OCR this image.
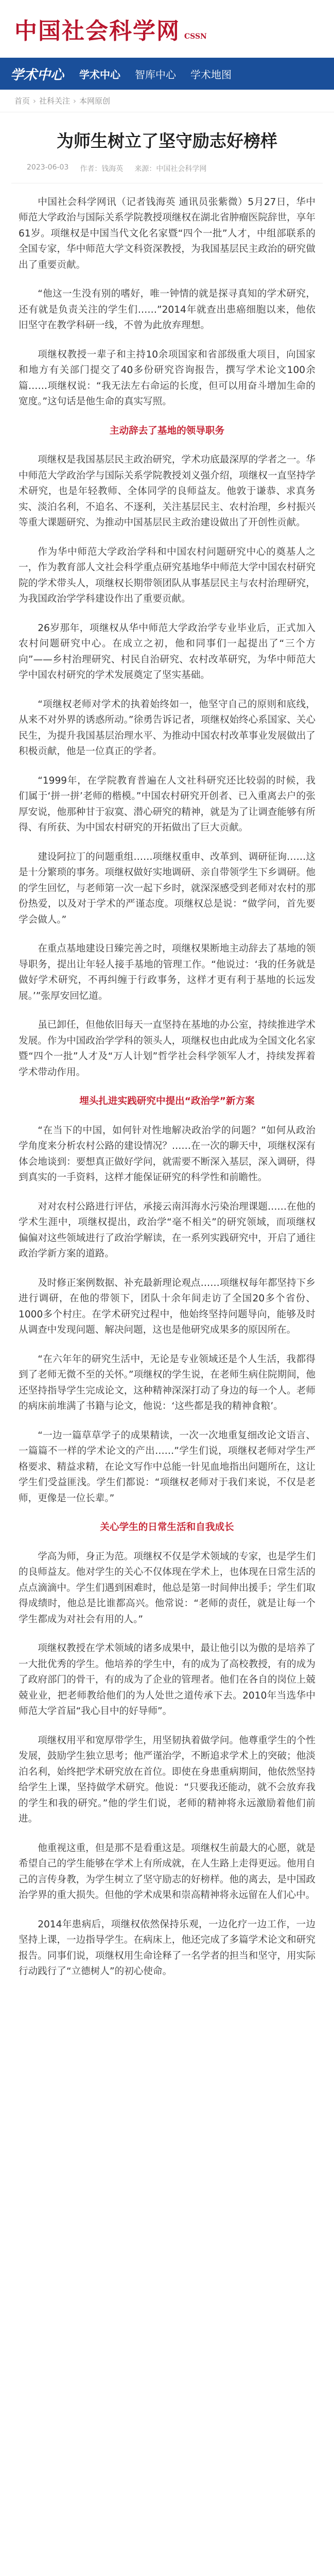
中国社会科学网 CSSN
学术中心 学术中心 智库中心 学术地图
首页 › 社科关注 › 本网原创
为师生树立了坚守励志好榜样
2023-06-03 作者：钱海英 来源：中国社会科学网

中国社会科学网讯（记者钱海英 通讯员张紫微）5月27日，华中师范大学政治与国际关系学院教授项继权在湖北省肿瘤医院辞世，享年61岁。项继权是中国当代文化名家暨“四个一批”人才，中组部联系的全国专家，华中师范大学文科资深教授，为我国基层民主政治的研究做出了重要贡献。

“他这一生没有别的嗜好，唯一钟情的就是探寻真知的学术研究，还有就是负责关注的学生们……”2014年就查出患癌细胞以来，他依旧坚守在教学科研一线，不曾为此放弃理想。

项继权教授一辈子和主持10余项国家和省部级重大项目，向国家和地方有关部门提交了40多份研究咨询报告，撰写学术论文100余篇……项继权说：“我无法左右命运的长度，但可以用奋斗增加生命的宽度。”这句话是他生命的真实写照。

主动辞去了基地的领导职务

项继权是我国基层民主政治研究，学术功底最深厚的学者之一。华中师范大学政治学与国际关系学院教授刘义强介绍，项继权一直坚持学术研究，也是年轻教师、全体同学的良师益友。他敦于谦恭、求真务实、淡泊名利，不追名、不逐利，关注基层民主、农村治理，乡村振兴等重大课题研究、为推动中国基层民主政治建设做出了开创性贡献。

作为华中师范大学政治学科和中国农村问题研究中心的奠基人之一，作为教育部人文社会科学重点研究基地华中师范大学中国农村研究院的学术带头人，项继权长期带领团队从事基层民主与农村治理研究，为我国政治学学科建设作出了重要贡献。

26岁那年，项继权从华中师范大学政治学专业毕业后，正式加入农村问题研究中心。在成立之初，他和同事们一起提出了“三个方向”——乡村治理研究、村民自治研究、农村改革研究，为华中师范大学中国农村研究的学术发展奠定了坚实基础。

“项继权老师对学术的执着始终如一，他坚守自己的原则和底线，从来不对外界的诱惑所动。”徐勇告诉记者，项继权始终心系国家、关心民生，为提升我国基层治理水平、为推动中国农村改革事业发展做出了积极贡献，他是一位真正的学者。

“1999年，在学院教育普遍在人文社科研究还比较弱的时候，我们属于‘拼一拼’老师的楷模。”中国农村研究开创者、已入重离去户的张厚安说，他那种甘于寂寞、潜心研究的精神，就是为了让调查能够有所得、有所获、为中国农村研究的开拓做出了巨大贡献。

建设阿拉丁的问题重组……项继权重申、改革到、调研征询……这是十分繁琐的事务。项继权做好实地调研、亲自带领学生下乡调研。他的学生回忆，与老师第一次一起下乡时，就深深感受到老师对农村的那份热爱，以及对于学术的严谨态度。项继权总是说：“做学问，首先要学会做人。”

在重点基地建设日臻完善之时，项继权果断地主动辞去了基地的领导职务，提出让年轻人接手基地的管理工作。“他说过：‘我的任务就是做好学术研究，不再纠缠于行政事务，这样才更有利于基地的长远发展。’”张厚安回忆道。

虽已卸任，但他依旧每天一直坚持在基地的办公室，持续推进学术发展。作为中国政治学学科的领头人，项继权也由此成为全国文化名家暨“四个一批”人才及“万人计划”哲学社会科学领军人才，持续发挥着学术带动作用。

埋头扎进实践研究中提出“政治学”新方案

“在当下的中国，如何针对性地解决政治学的问题？”如何从政治学角度来分析农村公路的建设情况？……在一次的聊天中，项继权深有体会地谈到：要想真正做好学问，就需要不断深入基层，深入调研，得到真实的一手资料，这样才能保证研究的科学性和前瞻性。

对对农村公路进行评估，承接云南洱海水污染治理课题……在他的学术生涯中，项继权提出，政治学“毫不相关”的研究领域，而项继权偏偏对这些领域进行了政治学解读，在一系列实践研究中，开启了通往政治学新方案的道路。

及时修正案例数据、补充最新理论观点……项继权每年都坚持下乡进行调研，在他的带领下，团队十余年间走访了全国20多个省份、1000多个村庄。在学术研究过程中，他始终坚持问题导向，能够及时从调查中发现问题、解决问题，这也是他研究成果多的原因所在。

“在六年年的研究生活中，无论是专业领域还是个人生活，我都得到了老师无微不至的关怀。”项继权的学生说，在老师生病住院期间，他还坚持指导学生完成论文，这种精神深深打动了身边的每一个人。老师的病床前堆满了书籍与论文，他说：‘这些都是我的精神食粮’。

“一边一篇草草学子的成果精读，一次一次地重复细改论文语言、一篇篇不一样的学术论文的产出……”学生们说，项继权老师对学生严格要求、精益求精，在论文写作中总能一针见血地指出问题所在，这让学生们受益匪浅。学生们都说：“项继权老师对于我们来说，不仅是老师，更像是一位长辈。”

关心学生的日常生活和自我成长

学高为师，身正为范。项继权不仅是学术领域的专家，也是学生们的良师益友。他对学生的关心不仅体现在学术上，也体现在日常生活的点点滴滴中。学生们遇到困难时，他总是第一时间伸出援手；学生们取得成绩时，他总是比谁都高兴。他常说：“老师的责任，就是让每一个学生都成为对社会有用的人。”

项继权教授在学术领域的诸多成果中，最让他引以为傲的是培养了一大批优秀的学生。他培养的学生中，有的成为了高校教授，有的成为了政府部门的骨干，有的成为了企业的管理者。他们在各自的岗位上兢兢业业，把老师教给他们的为人处世之道传承下去。2010年当选华中师范大学首届“我心目中的好导师”。

项继权用平和宽厚带学生，用坚韧执着做学问。他尊重学生的个性发展，鼓励学生独立思考；他严谨治学，不断追求学术上的突破；他淡泊名利，始终把学术研究放在首位。即使在身患重病期间，他依然坚持给学生上课，坚持做学术研究。他说：“只要我还能动，就不会放弃我的学生和我的研究。”他的学生们说，老师的精神将永远激励着他们前进。

他重视这重，但是那不是看重这是。项继权生前最大的心愿，就是希望自己的学生能够在学术上有所成就，在人生路上走得更远。他用自己的言传身教，为学生树立了坚守励志的好榜样。他的离去，是中国政治学界的重大损失。但他的学术成果和崇高精神将永远留在人们心中。

2014年患病后，项继权依然保持乐观，一边化疗一边工作，一边坚持上课，一边指导学生。在病床上，他还完成了多篇学术论文和研究报告。同事们说，项继权用生命诠释了一名学者的担当和坚守，用实际行动践行了“立德树人”的初心使命。
